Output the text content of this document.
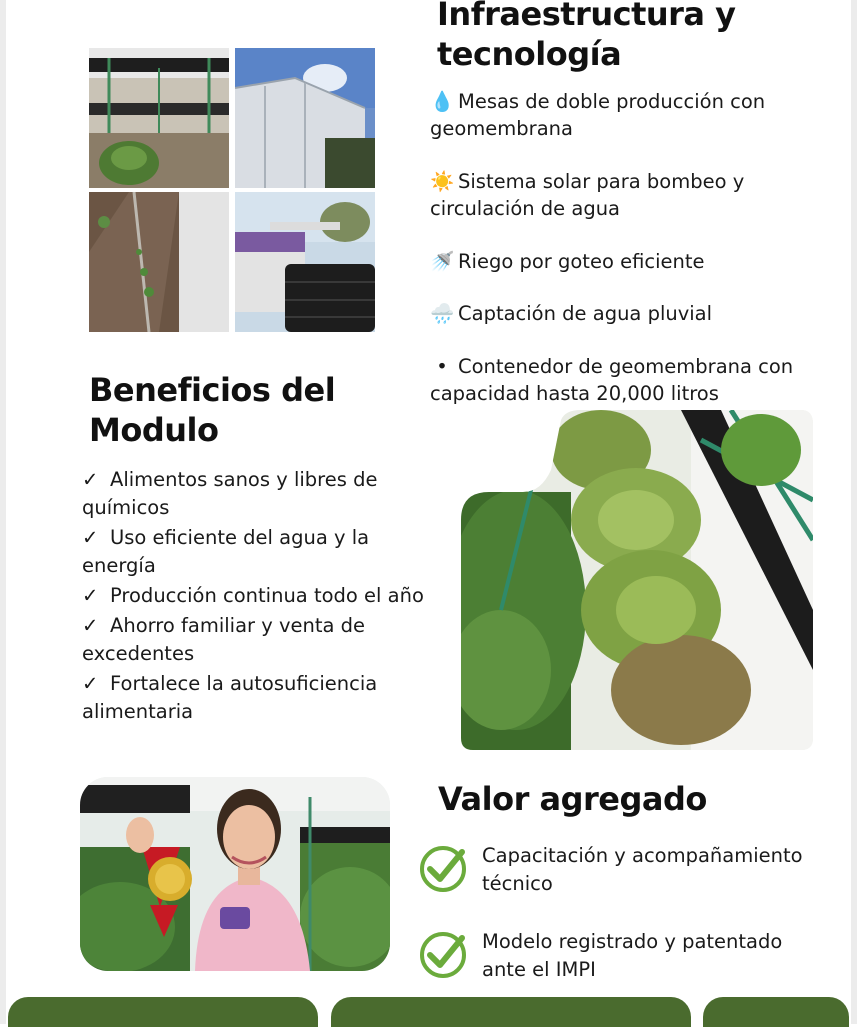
Infraestructura y tecnología
💧 Mesas de doble producción con geomembrana
☀️ Sistema solar para bombeo y circulación de agua
🚿 Riego por goteo eficiente
🌧️ Captación de agua pluvial
• Contenedor de geomembrana con capacidad hasta 20,000 litros
Beneficios del Modulo
✓ Alimentos sanos y libres de químicos
✓ Uso eficiente del agua y la energía
✓ Producción continua todo el año
✓ Ahorro familiar y venta de excedentes
✓ Fortalece la autosuficiencia alimentaria
Valor agregado
Capacitación y acompañamiento técnico
Modelo registrado y patentado ante el IMPI
